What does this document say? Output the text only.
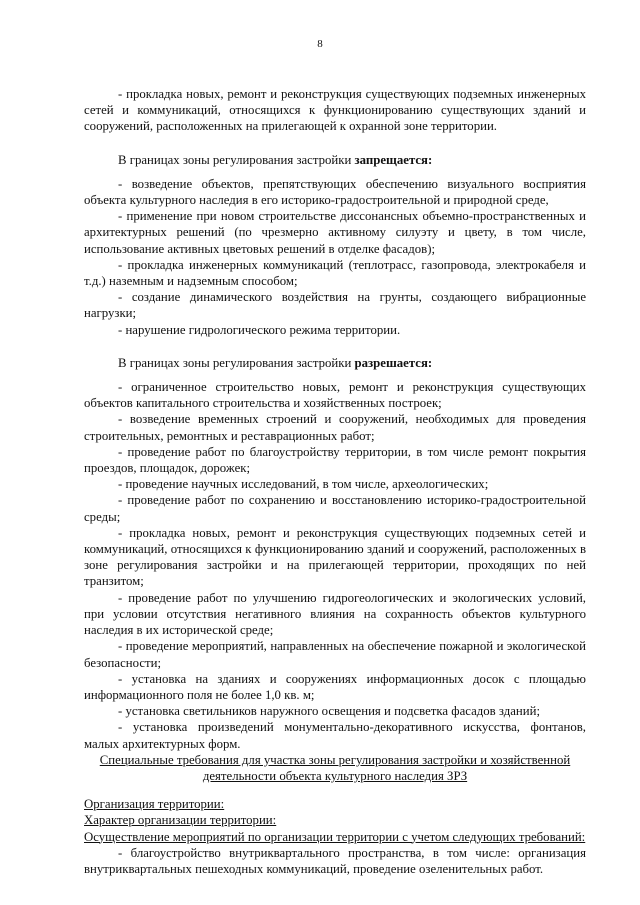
8

- прокладка новых, ремонт и реконструкция существующих подземных инженерных сетей и коммуникаций, относящихся к функционированию существующих зданий и сооружений, расположенных на прилегающей к охранной зоне территории.

В границах зоны регулирования застройки запрещается:

- возведение объектов, препятствующих обеспечению визуального восприятия объекта культурного наследия в его историко-градостроительной и природной среде,

- применение при новом строительстве диссонансных объемно-пространственных и архитектурных решений (по чрезмерно активному силуэту и цвету, в том числе, использование активных цветовых решений в отделке фасадов);

- прокладка инженерных коммуникаций (теплотрасс, газопровода, электрокабеля и т.д.) наземным и надземным способом;

- создание динамического воздействия на грунты, создающего вибрационные нагрузки;

- нарушение гидрологического режима территории.

В границах зоны регулирования застройки разрешается:

- ограниченное строительство новых, ремонт и реконструкция существующих объектов капитального строительства и хозяйственных построек;

- возведение временных строений и сооружений, необходимых для проведения строительных, ремонтных и реставрационных работ;

- проведение работ по благоустройству территории, в том числе ремонт покрытия проездов, площадок, дорожек;

- проведение научных исследований, в том числе, археологических;

- проведение работ по сохранению и восстановлению историко-градостроительной среды;

- прокладка новых, ремонт и реконструкция существующих подземных сетей и коммуникаций, относящихся к функционированию зданий и сооружений, расположенных в зоне регулирования застройки и на прилегающей территории, проходящих по ней транзитом;

- проведение работ по улучшению гидрогеологических и экологических условий, при условии отсутствия негативного влияния на сохранность объектов культурного наследия в их исторической среде;

- проведение мероприятий, направленных на обеспечение пожарной и экологической безопасности;

- установка на зданиях и сооружениях информационных досок с площадью информационного поля не более 1,0 кв. м;

- установка светильников наружного освещения и подсветка фасадов зданий;

- установка произведений монументально-декоративного искусства, фонтанов, малых архитектурных форм.

Специальные требования для участка зоны регулирования застройки и хозяйственной деятельности объекта культурного наследия ЗРЗ

Организация территории:

Характер организации территории:

Осуществление мероприятий по организации территории с учетом следующих требований:

- благоустройство внутриквартального пространства, в том числе: организация внутриквартальных пешеходных коммуникаций, проведение озеленительных работ.
